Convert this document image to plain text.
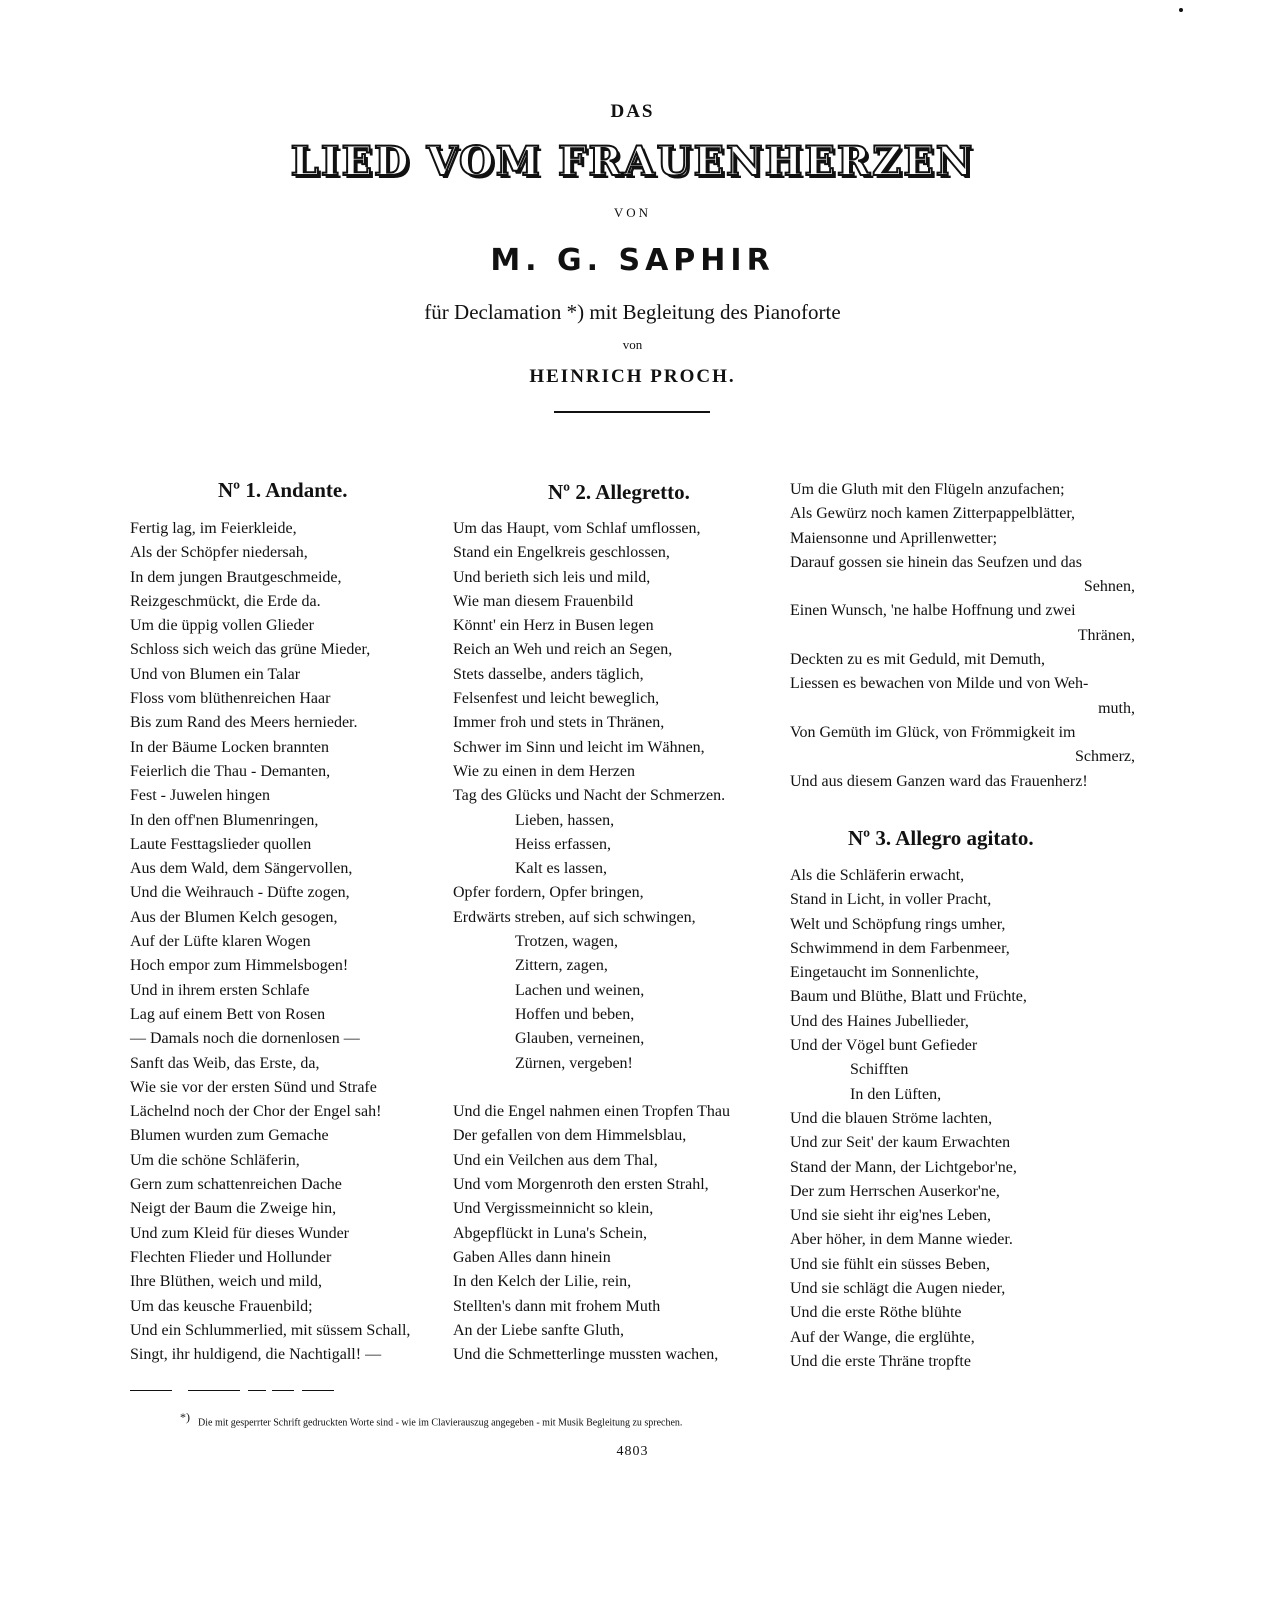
DAS
LIED VOM FRAUENHERZEN
VON
M. G. SAPHIR
für Declamation *) mit Begleitung des Pianoforte
von
HEINRICH PROCH.
Nº 1. Andante.	Nº 2. Allegretto.
Nº 3. Allegro agitato.
Fertig lag, im Feierkleide,
Als der Schöpfer niedersah,
In dem jungen Brautgeschmeide,
Reizgeschmückt, die Erde da.
Um die üppig vollen Glieder
Schloss sich weich das grüne Mieder,
Und von Blumen ein Talar
Floss vom blüthenreichen Haar
Bis zum Rand des Meers hernieder.
In der Bäume Locken brannten
Feierlich die Thau - Demanten,
Fest - Juwelen hingen
In den off'nen Blumenringen,
Laute Festtagslieder quollen
Aus dem Wald, dem Sängervollen,
Und die Weihrauch - Düfte zogen,
Aus der Blumen Kelch gesogen,
Auf der Lüfte klaren Wogen
Hoch empor zum Himmelsbogen!
Und in ihrem ersten Schlafe
Lag auf einem Bett von Rosen
— Damals noch die dornenlosen —
Sanft das Weib, das Erste, da,
Wie sie vor der ersten Sünd und Strafe
Lächelnd noch der Chor der Engel sah!
Blumen wurden zum Gemache
Um die schöne Schläferin,
Gern zum schattenreichen Dache
Neigt der Baum die Zweige hin,
Und zum Kleid für dieses Wunder
Flechten Flieder und Hollunder
Ihre Blüthen, weich und mild,
Um das keusche Frauenbild;
Und ein Schlummerlied, mit süssem Schall,
Singt, ihr huldigend, die Nachtigall! —
Um das Haupt, vom Schlaf umflossen,
Stand ein Engelkreis geschlossen,
Und berieth sich leis und mild,
Wie man diesem Frauenbild
Könnt' ein Herz in Busen legen
Reich an Weh und reich an Segen,
Stets dasselbe, anders täglich,
Felsenfest und leicht beweglich,
Immer froh und stets in Thränen,
Schwer im Sinn und leicht im Wähnen,
Wie zu einen in dem Herzen
Tag des Glücks und Nacht der Schmerzen.
Lieben, hassen,
Heiss erfassen,
Kalt es lassen,
Opfer fordern, Opfer bringen,
Erdwärts streben, auf sich schwingen,
Trotzen, wagen,
Zittern, zagen,
Lachen und weinen,
Hoffen und beben,
Glauben, verneinen,
Zürnen, vergeben!
Und die Engel nahmen einen Tropfen Thau
Der gefallen von dem Himmelsblau,
Und ein Veilchen aus dem Thal,
Und vom Morgenroth den ersten Strahl,
Und Vergissmeinnicht so klein,
Abgepflückt in Luna's Schein,
Gaben Alles dann hinein
In den Kelch der Lilie, rein,
Stellten's dann mit frohem Muth
An der Liebe sanfte Gluth,
Und die Schmetterlinge mussten wachen,
Um die Gluth mit den Flügeln anzufachen;
Als Gewürz noch kamen Zitterpappelblätter,
Maiensonne und Aprillenwetter;
Darauf gossen sie hinein das Seufzen und das
Sehnen,
Einen Wunsch, 'ne halbe Hoffnung und zwei
Thränen,
Deckten zu es mit Geduld, mit Demuth,
Liessen es bewachen von Milde und von Weh-
muth,
Von Gemüth im Glück, von Frömmigkeit im
Schmerz,
Und aus diesem Ganzen ward das Frauenherz!
Als die Schläferin erwacht,
Stand in Licht, in voller Pracht,
Welt und Schöpfung rings umher,
Schwimmend in dem Farbenmeer,
Eingetaucht im Sonnenlichte,
Baum und Blüthe, Blatt und Früchte,
Und des Haines Jubellieder,
Und der Vögel bunt Gefieder
Schifften
In den Lüften,
Und die blauen Ströme lachten,
Und zur Seit' der kaum Erwachten
Stand der Mann, der Lichtgebor'ne,
Der zum Herrschen Auserkor'ne,
Und sie sieht ihr eig'nes Leben,
Aber höher, in dem Manne wieder.
Und sie fühlt ein süsses Beben,
Und sie schlägt die Augen nieder,
Und die erste Röthe blühte
Auf der Wange, die erglühte,
Und die erste Thräne tropfte
*) Die mit gesperrter Schrift gedruckten Worte sind - wie im Clavierauszug angegeben - mit Musik Begleitung zu sprechen.
4803
